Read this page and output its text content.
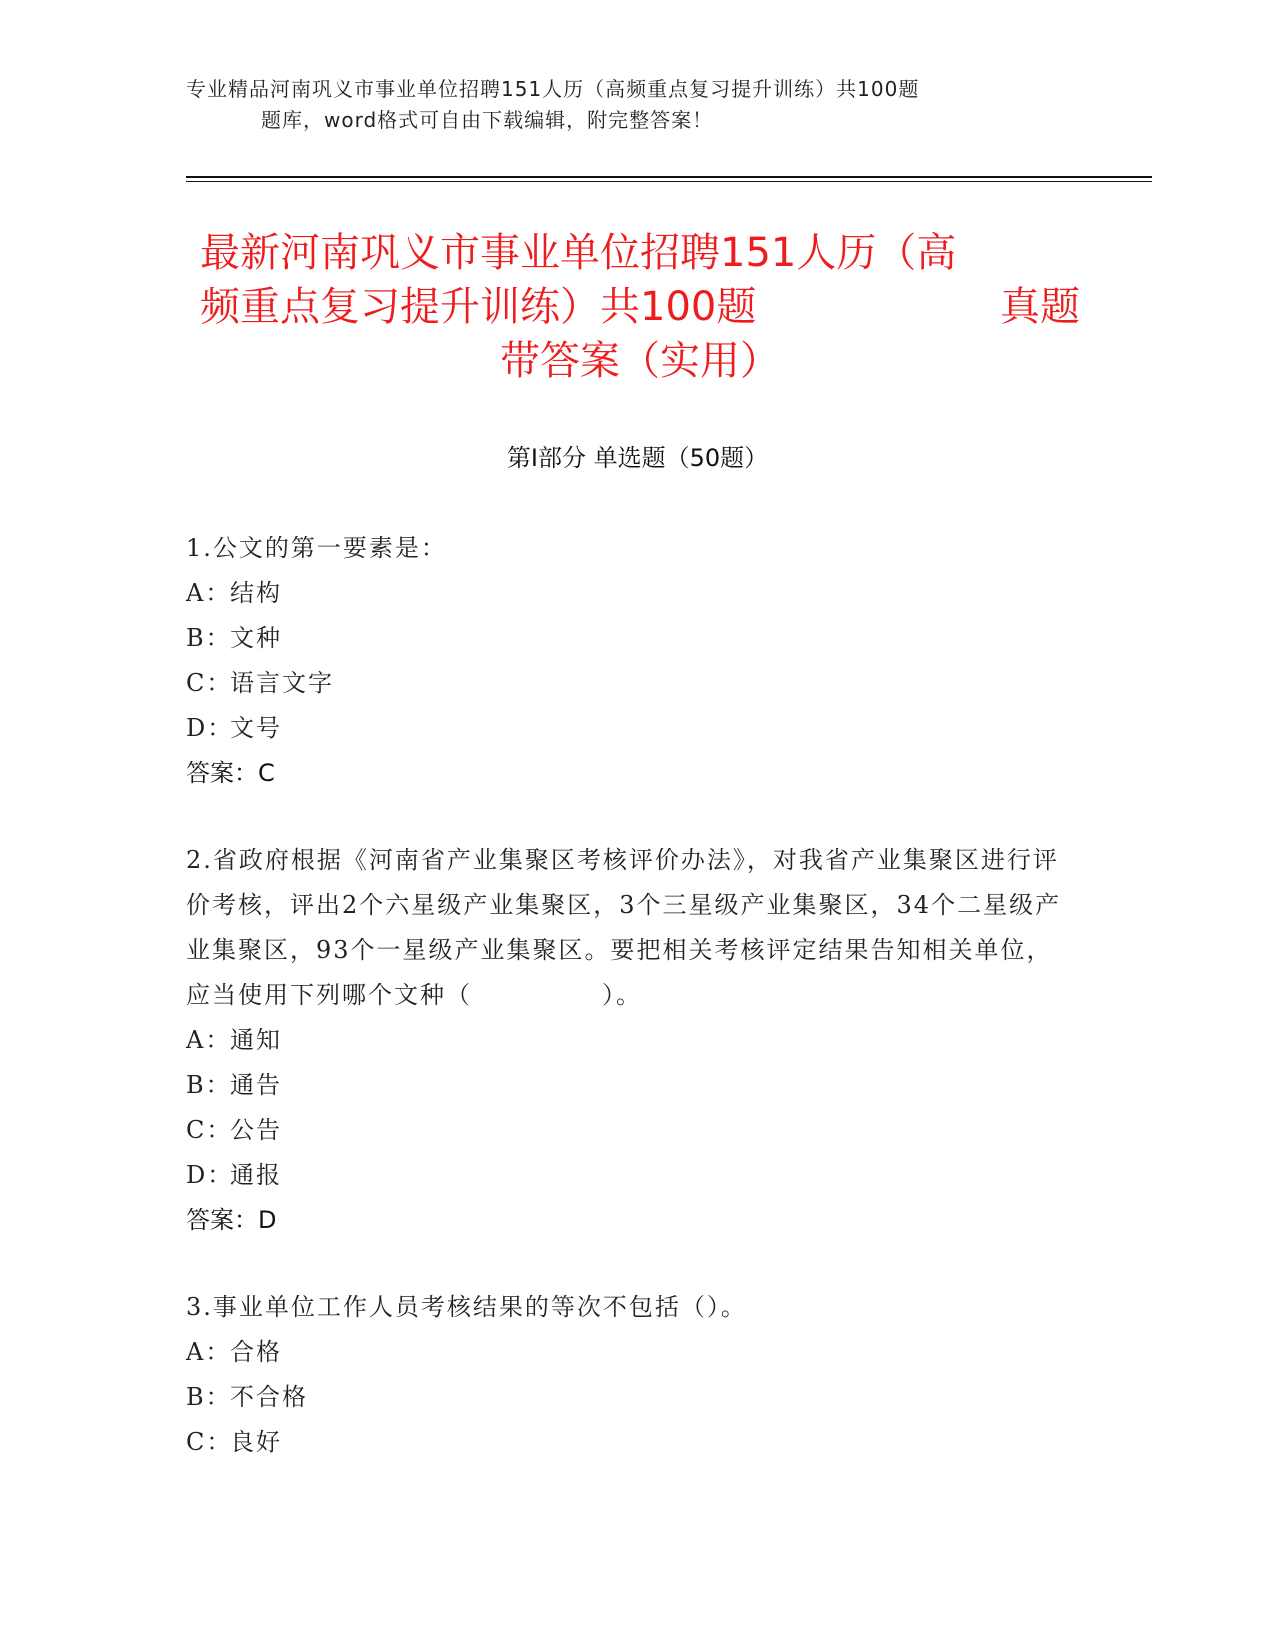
专业精品河南巩义市事业单位招聘151人历（高频重点复习提升训练）共100题
题库，word格式可自由下载编辑，附完整答案！
最新河南巩义市事业单位招聘151人历（高
频重点复习提升训练）共100题	真题
带答案（实用）
第Ⅰ部分 单选题（50题）
1.公文的第一要素是：
A：结构
B：文种
C：语言文字
D：文号
答案：C
2.省政府根据《河南省产业集聚区考核评价办法》，对我省产业集聚区进行评价考核，评出2个六星级产业集聚区，3个三星级产业集聚区，34个二星级产业集聚区，93个一星级产业集聚区。要把相关考核评定结果告知相关单位，应当使用下列哪个文种（　　　　　）。
A：通知
B：通告
C：公告
D：通报
答案：D
3.事业单位工作人员考核结果的等次不包括（）。
A：合格
B：不合格
C：良好
